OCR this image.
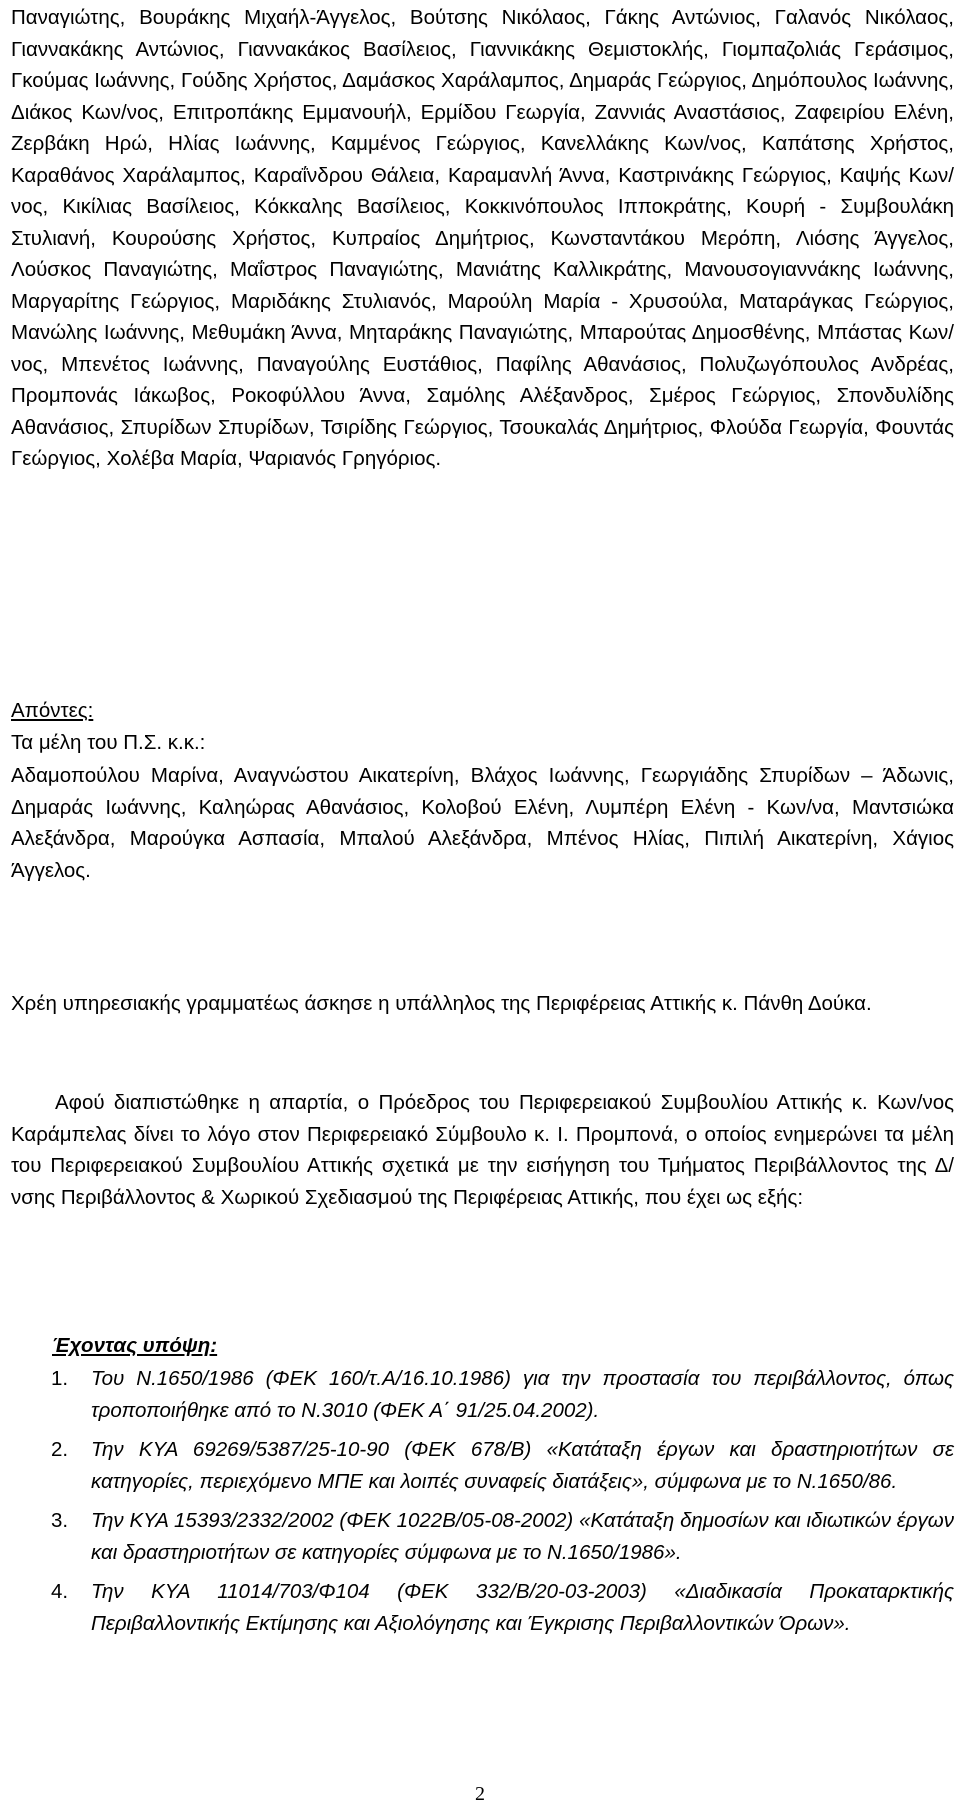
Παναγιώτης, Βουράκης Μιχαήλ-Άγγελος, Βούτσης Νικόλαος, Γάκης Αντώνιος, Γαλανός Νικόλαος, Γιαννακάκης Αντώνιος, Γιαννακάκος Βασίλειος, Γιαννικάκης Θεμιστοκλής, Γιομπαζολιάς Γεράσιμος, Γκούμας Ιωάννης, Γούδης Χρήστος, Δαμάσκος Χαράλαμπος, Δημαράς Γεώργιος, Δημόπουλος Ιωάννης, Διάκος Κων/νος, Επιτροπάκης Εμμανουήλ, Ερμίδου Γεωργία, Ζαννιάς Αναστάσιος, Ζαφειρίου Ελένη, Ζερβάκη Ηρώ, Ηλίας Ιωάννης, Καμμένος Γεώργιος, Κανελλάκης Κων/νος, Καπάτσης Χρήστος, Καραθάνος Χαράλαμπος, Καραΐνδρου Θάλεια, Καραμανλή Άννα, Καστρινάκης Γεώργιος, Καψής Κων/νος, Κικίλιας Βασίλειος, Κόκκαλης Βασίλειος, Κοκκινόπουλος Ιπποκράτης, Κουρή - Συμβουλάκη Στυλιανή, Κουρούσης Χρήστος, Κυπραίος Δημήτριος, Κωνσταντάκου Μερόπη, Λιόσης Άγγελος, Λούσκος Παναγιώτης, Μαΐστρος Παναγιώτης, Μανιάτης Καλλικράτης, Μανουσογιαννάκης Ιωάννης, Μαργαρίτης Γεώργιος, Μαριδάκης Στυλιανός, Μαρούλη Μαρία - Χρυσούλα, Ματαράγκας Γεώργιος, Μανώλης Ιωάννης, Μεθυμάκη Άννα, Μηταράκης Παναγιώτης, Μπαρούτας Δημοσθένης, Μπάστας Κων/νος, Μπενέτος Ιωάννης, Παναγούλης Ευστάθιος, Παφίλης Αθανάσιος, Πολυζωγόπουλος Ανδρέας, Προμπονάς Ιάκωβος, Ροκοφύλλου Άννα, Σαμόλης Αλέξανδρος, Σμέρος Γεώργιος, Σπονδυλίδης Αθανάσιος, Σπυρίδων Σπυρίδων, Τσιρίδης Γεώργιος, Τσουκαλάς Δημήτριος, Φλούδα Γεωργία, Φουντάς Γεώργιος, Χολέβα Μαρία, Ψαριανός Γρηγόριος.

Απόντες:

Τα μέλη του Π.Σ. κ.κ.:

Αδαμοπούλου Μαρίνα, Αναγνώστου Αικατερίνη, Βλάχος Ιωάννης, Γεωργιάδης Σπυρίδων – Άδωνις, Δημαράς Ιωάννης, Καληώρας Αθανάσιος, Κολοβού Ελένη, Λυμπέρη Ελένη - Κων/να, Μαντσιώκα Αλεξάνδρα, Μαρούγκα Ασπασία, Μπαλού Αλεξάνδρα, Μπένος Ηλίας, Πιπιλή Αικατερίνη, Χάγιος Άγγελος.

Χρέη υπηρεσιακής γραμματέως άσκησε η υπάλληλος της Περιφέρειας Αττικής κ. Πάνθη Δούκα.

Αφού διαπιστώθηκε η απαρτία, ο Πρόεδρος του Περιφερειακού Συμβουλίου Αττικής κ. Κων/νος Καράμπελας δίνει το λόγο στον Περιφερειακό Σύμβουλο κ. Ι. Προμπονά, ο οποίος ενημερώνει τα μέλη του Περιφερειακού Συμβουλίου Αττικής σχετικά με την εισήγηση του Τμήματος Περιβάλλοντος της Δ/νσης Περιβάλλοντος & Χωρικού Σχεδιασμού της Περιφέρειας Αττικής, που έχει ως εξής:

Έχοντας υπόψη:

1. Του Ν.1650/1986 (ΦΕΚ 160/τ.Α/16.10.1986) για την προστασία του περιβάλλοντος, όπως τροποποιήθηκε από το Ν.3010 (ΦΕΚ Α΄ 91/25.04.2002).
2. Την ΚΥΑ 69269/5387/25-10-90 (ΦΕΚ 678/Β) «Κατάταξη έργων και δραστηριοτήτων σε κατηγορίες, περιεχόμενο ΜΠΕ και λοιπές συναφείς διατάξεις», σύμφωνα με το Ν.1650/86.
3. Την ΚΥΑ 15393/2332/2002 (ΦΕΚ 1022Β/05-08-2002) «Κατάταξη δημοσίων και ιδιωτικών έργων και δραστηριοτήτων σε κατηγορίες σύμφωνα με το Ν.1650/1986».
4. Την ΚΥΑ 11014/703/Φ104 (ΦΕΚ 332/Β/20-03-2003) «Διαδικασία Προκαταρκτικής Περιβαλλοντικής Εκτίμησης και Αξιολόγησης και Έγκρισης Περιβαλλοντικών Όρων».
2
